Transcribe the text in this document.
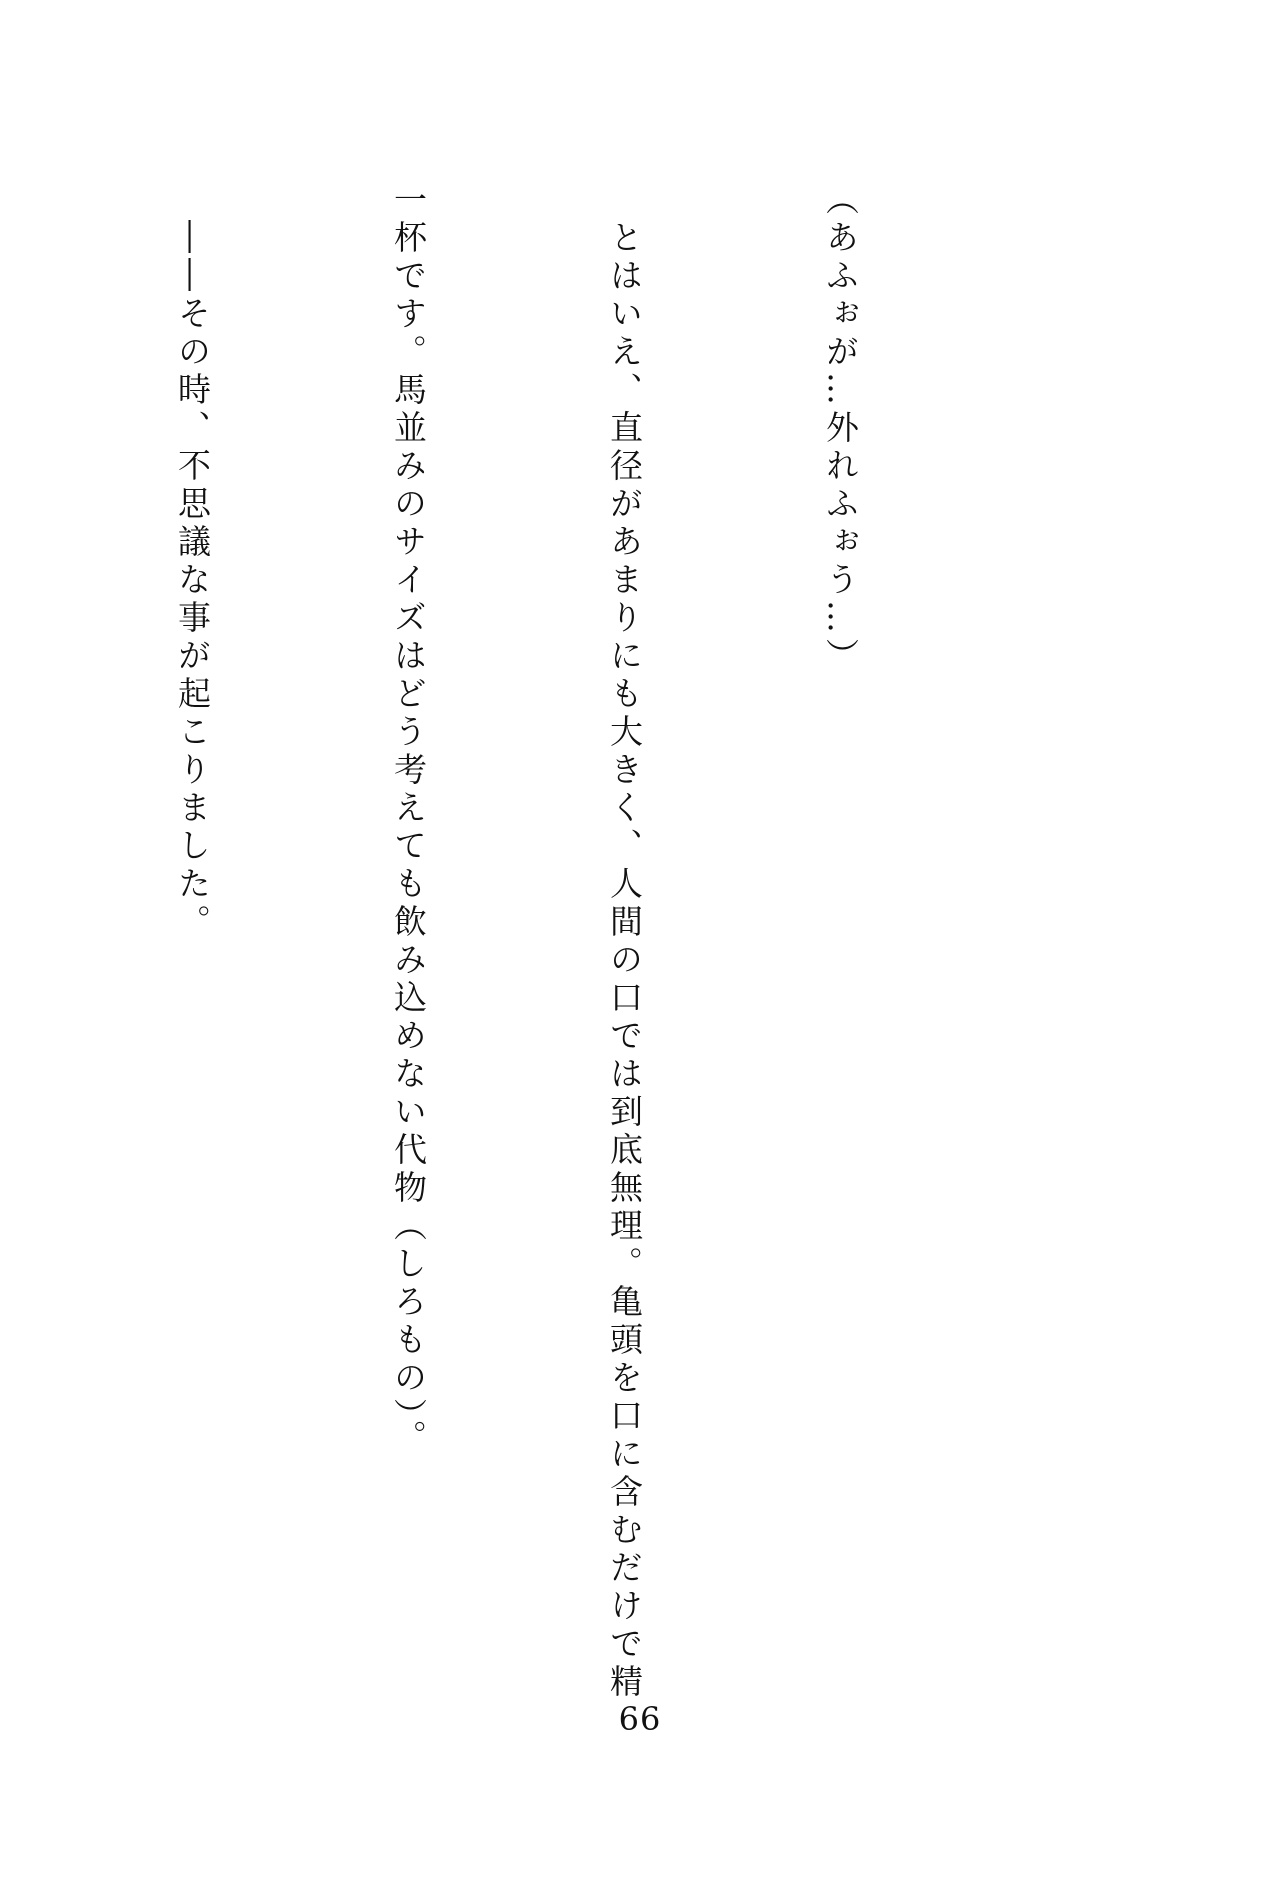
（あふぉが…外れふぉう…）

　とはいえ、直径があまりにも大きく、人間の口では到底無理。亀頭を口に含むだけで精

一杯です。馬並みのサイズはどう考えても飲み込めない代物（しろもの）。

　――その時、不思議な事が起こりました。

66
